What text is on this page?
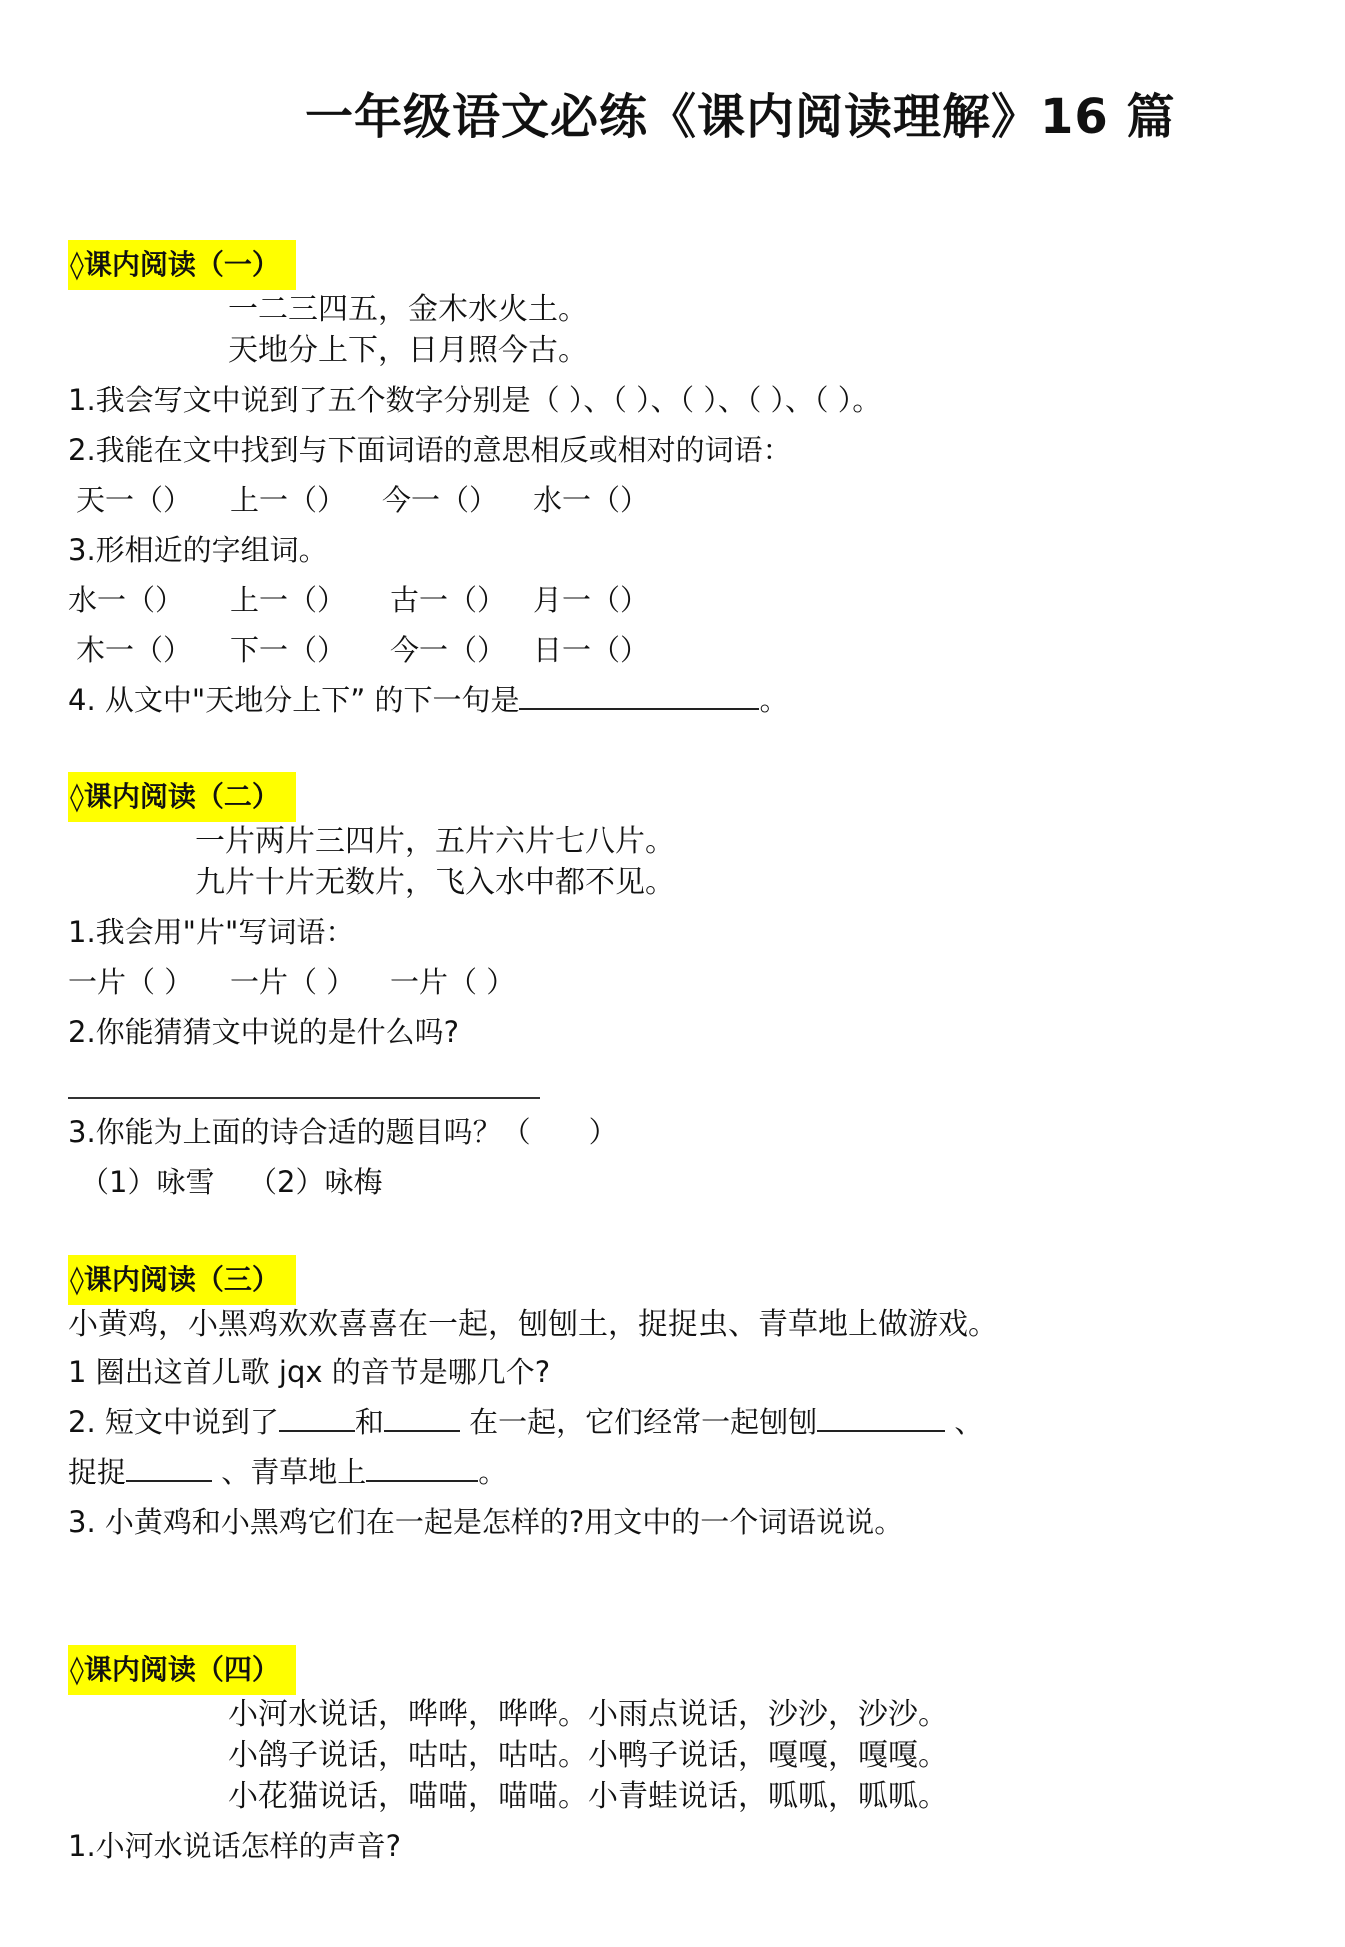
一年级语文必练《课内阅读理解》16 篇
◊课内阅读（一）
一二三四五，金木水火土。
天地分上下，日月照今古。
1.我会写文中说到了五个数字分别是（ ）、（ ）、（ ）、（ ）、（ ）。
2.我能在文中找到与下面词语的意思相反或相对的词语：
天一（） 上一（） 今一（） 水一（）
3.形相近的字组词。
水一（） 上一（） 古一（） 月一（）
木一（） 下一（） 今一（） 日一（）
4. 从文中"天地分上下” 的下一句是	。
◊课内阅读（二）
一片两片三四片，五片六片七八片。
九片十片无数片，飞入水中都不见。
1.我会用"片"写词语：
一片（ ） 一片（ ） 一片（ ）
2.你能猜猜文中说的是什么吗?
3.你能为上面的诗合适的题目吗？（　　）
（1）咏雪 （2）咏梅
◊课内阅读（三）
小黄鸡，小黑鸡欢欢喜喜在一起，刨刨土，捉捉虫、青草地上做游戏。
1 圈出这首儿歌 jqx 的音节是哪几个?
2. 短文中说到了	和	在一起，它们经常一起刨刨	、
捉捉	、青草地上	。
3. 小黄鸡和小黑鸡它们在一起是怎样的?用文中的一个词语说说。
◊课内阅读（四）
小河水说话，哗哗，哗哗。小雨点说话，沙沙，沙沙。
小鸽子说话，咕咕，咕咕。小鸭子说话，嘎嘎，嘎嘎。
小花猫说话，喵喵，喵喵。小青蛙说话，呱呱，呱呱。
1.小河水说话怎样的声音?
